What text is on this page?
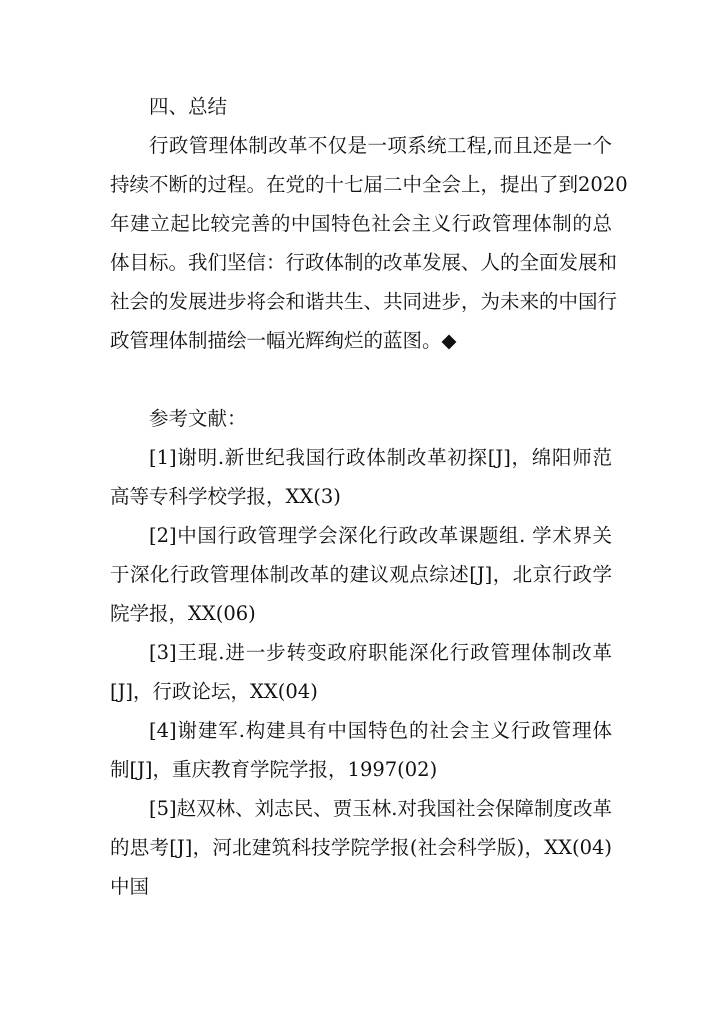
四、总结
行政管理体制改革不仅是一项系统工程,而且还是一个
持续不断的过程。在党的十七届二中全会上，提出了到2020
年建立起比较完善的中国特色社会主义行政管理体制的总
体目标。我们坚信：行政体制的改革发展、人的全面发展和
社会的发展进步将会和谐共生、共同进步，为未来的中国行
政管理体制描绘一幅光辉绚烂的蓝图。◆
参考文献：
[1]谢明.新世纪我国行政体制改革初探[J]，绵阳师范
高等专科学校学报，XX(3)
[2]中国行政管理学会深化行政改革课题组. 学术界关
于深化行政管理体制改革的建议观点综述[J]，北京行政学
院学报，XX(06)
[3]王琨.进一步转变政府职能深化行政管理体制改革
[J]，行政论坛，XX(04)
[4]谢建军.构建具有中国特色的社会主义行政管理体
制[J]，重庆教育学院学报，1997(02)
[5]赵双林、刘志民、贾玉林.对我国社会保障制度改革
的思考[J]，河北建筑科技学院学报(社会科学版)，XX(04)
中国
